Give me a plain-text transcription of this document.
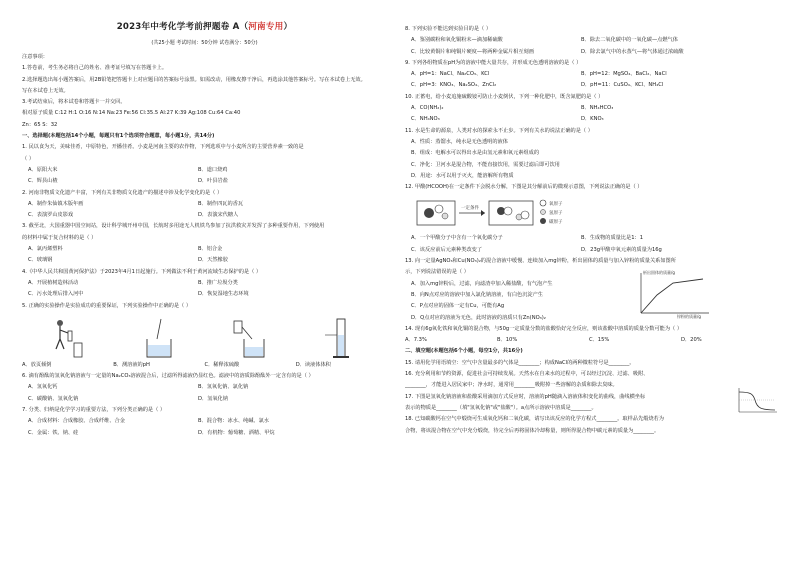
2023年中考化学考前押题卷 A（河南专用）
(共25小题 考试时间：50分钟 试卷满分：50分)
注意事项：
1.答卷前，考生务必将自己的姓名、准考证号填写在答题卡上。
2.选择题选出每小题答案后，用2B铅笔把答题卡上对应题目的答案标号涂黑。如需改动，用橡皮擦干净后，再选涂其他答案标号。写在本试卷上无效。
写在本试卷上无效。
3.考试结束后，将本试卷和答题卡一并交回。
相对原子质量 C:12 H:1 O:16 N:14 Na:23 Fe:56 Cl:35.5 Al:27 K:39 Ag:108 Cu:64 Ca:40
Zn：65 S：32
一、选择题(本题包括14个小题，每题只有1个选项符合题意，每小题1分，共14分)
1. 民以食为天，美味佳肴，中原特色，开播佳肴。小麦是河南主要的农作物，下列选项中与小麦所含的主要营养素一致的是
（ ）
A．原阳大米	B．道口烧鸡
C．辉县山楂	D．叶县岩盐
2. 河南非物质文化遗产丰富，下列有关非物质文化遗产的描述中涉及化学变化的是（ ）
A．制作朱仙镇木版年画	B．制作四瓦的香瓦
C．表演罗山皮影戏	D．表演宋代糖人
3. 截至北，大国重器中国空间站，设计科学城开州中国，长航时多用途无人机铁鸟参加了抗洪救灾并发挥了多种重要作用，下列使用
的材料中属于复合材料的是（ ）
A．氯丙烯塑料	B．铝合金
C．玻璃钢	D．天然橡胶
4.《中华人民共和国黄河保护法》于2023年4月1日起施行。下列做法不利于黄河流域生态保护的是（ ）
A．开展植树造林活动	B．推广垃圾分类
C．污水处理后排入河中	D．恢复湿地生态环境
5. 正确的实验操作是实验成功的重要保证，下列实验操作中正确的是（ ）
A．放页倾倒	B．测溶液的pH	C．稀释浓硫酸	D．读液体体积
6. 滴有酚酞的氢氧化钠溶液与一定量的Na₂CO₃溶液混合后，过滤所得滤液仍显红色。滤液中的溶质除酚酞外一定含有的是（ ）
A．氢氧化钙	B．氢氧化钠、氯化钠
C．碳酸钠、氢氧化钠	D．氢氧化钠
7. 分类、归纳是化学学习的重要方法，下列分类正确的是（ ）
A．合成材料：合成橡胶、合成纤维、合金	B．混合物：冰水、纯碱、氯水
C．金属：铁、钠、硅	D．有机物：葡萄糖、酒精、甲烷
8. 下列实验不能达到实验目的是（ ）
A．鉴别碳粉和氧化铜粉末—滴加稀硫酸	B．除去二氧化碳中的一氧化碳—点燃气体
C．比较黄铜片和纯铜片硬度—将两种金属片相互刻画	D．除去氯气中的水蒸气—将气体通过浓硫酸
9. 下列各组物质在pH为的溶液中能大量共存，并形成无色透明溶液的是（ ）
A．pH=1：NaCl、Na₂CO₃、KCl	B．pH=12：MgSO₄、BaCl₂、NaCl
C．pH=3：KNO₃、Na₂SO₄、ZnCl₂	D．pH=11：CuSO₄、KCl、NH₄Cl
10. 正蓄电，给小麦追施硫酸铵可防止小麦倒伏，下列一种化肥中，既含氮肥的是（ ）
A．CO(NH₂)₂	B．NH₄HCO₃
C．NH₄NO₃	D．KNO₃
11. 水是生命的源泉，人类对水的探索永不止步。下列有关水的说法正确的是（ ）
A．性质：蒸馏水，纯水是无色透明的液体
B．组成：电解水可以得出水是由氢元素和氧元素组成的
C．净化：卫河水是混合物，不能直接饮用，需要过滤后即可饮用
D．用途：水可以用于灭火，能溶解所有物质
12. 甲酸(HCOOH)在一定条件下会脱水分解，下图是其分解前后的微观示意图，下列说法正确的是（ ）
一定条件
氧原子
氢原子
碳原子
A．一个甲酸分子中含有一个氧化碳分子	B．生成物的质量比是1：1
C．该反应前后元素种类改变了	D．23g甲酸中氧元素的质量为16g
13. 向一定量AgNO₃和Cu(NO₃)₂的混合溶液中缓慢、连续加入mg锌粉，析出固体的质量与加入锌粉的质量关系如图所
示，下列说法错误的是（ ）
A．加入mg锌粉后，过滤，向滤渣中加入稀盐酸，有气泡产生
B．向N点对应的溶液中加入氯化钠溶液，有白色沉淀产生
C．P点对应的固体一定有Cu，可能有Ag
D．Q点对应的溶液为无色，此时溶液的溶质只有Zn(NO₃)₂
析出固体的质量/g
锌粉的质量/g
14. 现有6g氧化铁和氧化铜的混合物，与50g一定质量分数的盐酸恰好完全反应，则该盐酸中溶质的质量分数可能为（ ）
A．7.3%	B．10%	C．15%	D．20%
二、填空题(本题包括6个小题，每空1分，共16分)
15. 请用化学用语填空：空气中含量最多的气体是________；构成NaCl的两种微粒符号是________。
16. 充分利用和节约资源，促进社会可持续发展。天然水在自来水的过程中，可以经过沉淀、过滤、吸附、
________，才能进入居民家中；净水时，通常用________吸附掉一些溶解的杂质和除去臭味。
17. 下图是氢氧化钠溶液和盐酸采用滴加方式反应时，溶液的pH随滴入溶液体积变化的曲线，曲线横坐标
表示的物质是________（填"氢氧化钠"或"盐酸"）。a点所示溶液中溶质是________。
18. 已知碳酸钙在空气中煅烧可生成氧化钙和二氧化碳，请写出该反应的化学方程式________。取样品先煅烧若为
合物，将该混合物在空气中充分煅烧，待完全后再将固体冷却称量，则所得混合物中碳元素的质量为________。
